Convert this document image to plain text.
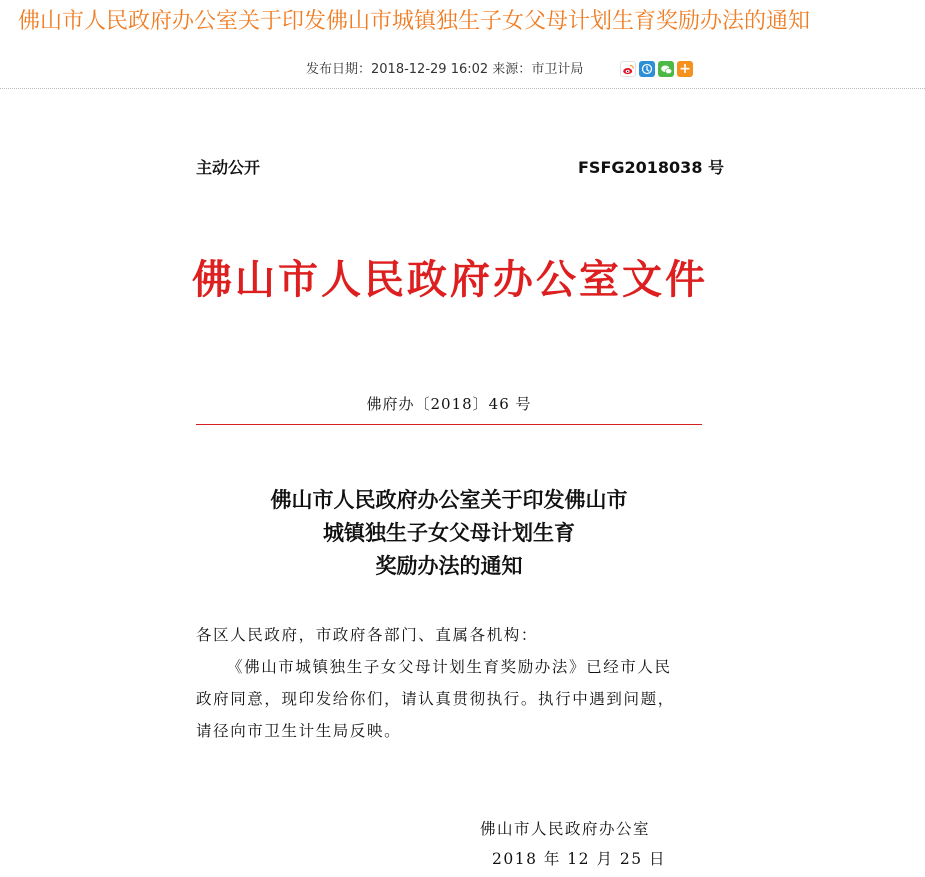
佛山市人民政府办公室关于印发佛山市城镇独生子女父母计划生育奖励办法的通知
发布日期：2018-12-29 16:02 来源：市卫计局	+
主动公开	FSFG2018038 号
佛山市人民政府办公室文件
佛府办〔2018〕46 号
佛山市人民政府办公室关于印发佛山市
城镇独生子女父母计划生育
奖励办法的通知

各区人民政府，市政府各部门、直属各机构：

《佛山市城镇独生子女父母计划生育奖励办法》已经市人民

政府同意，现印发给你们，请认真贯彻执行。执行中遇到问题，

请径向市卫生计生局反映。

佛山市人民政府办公室
2018 年 12 月 25 日
